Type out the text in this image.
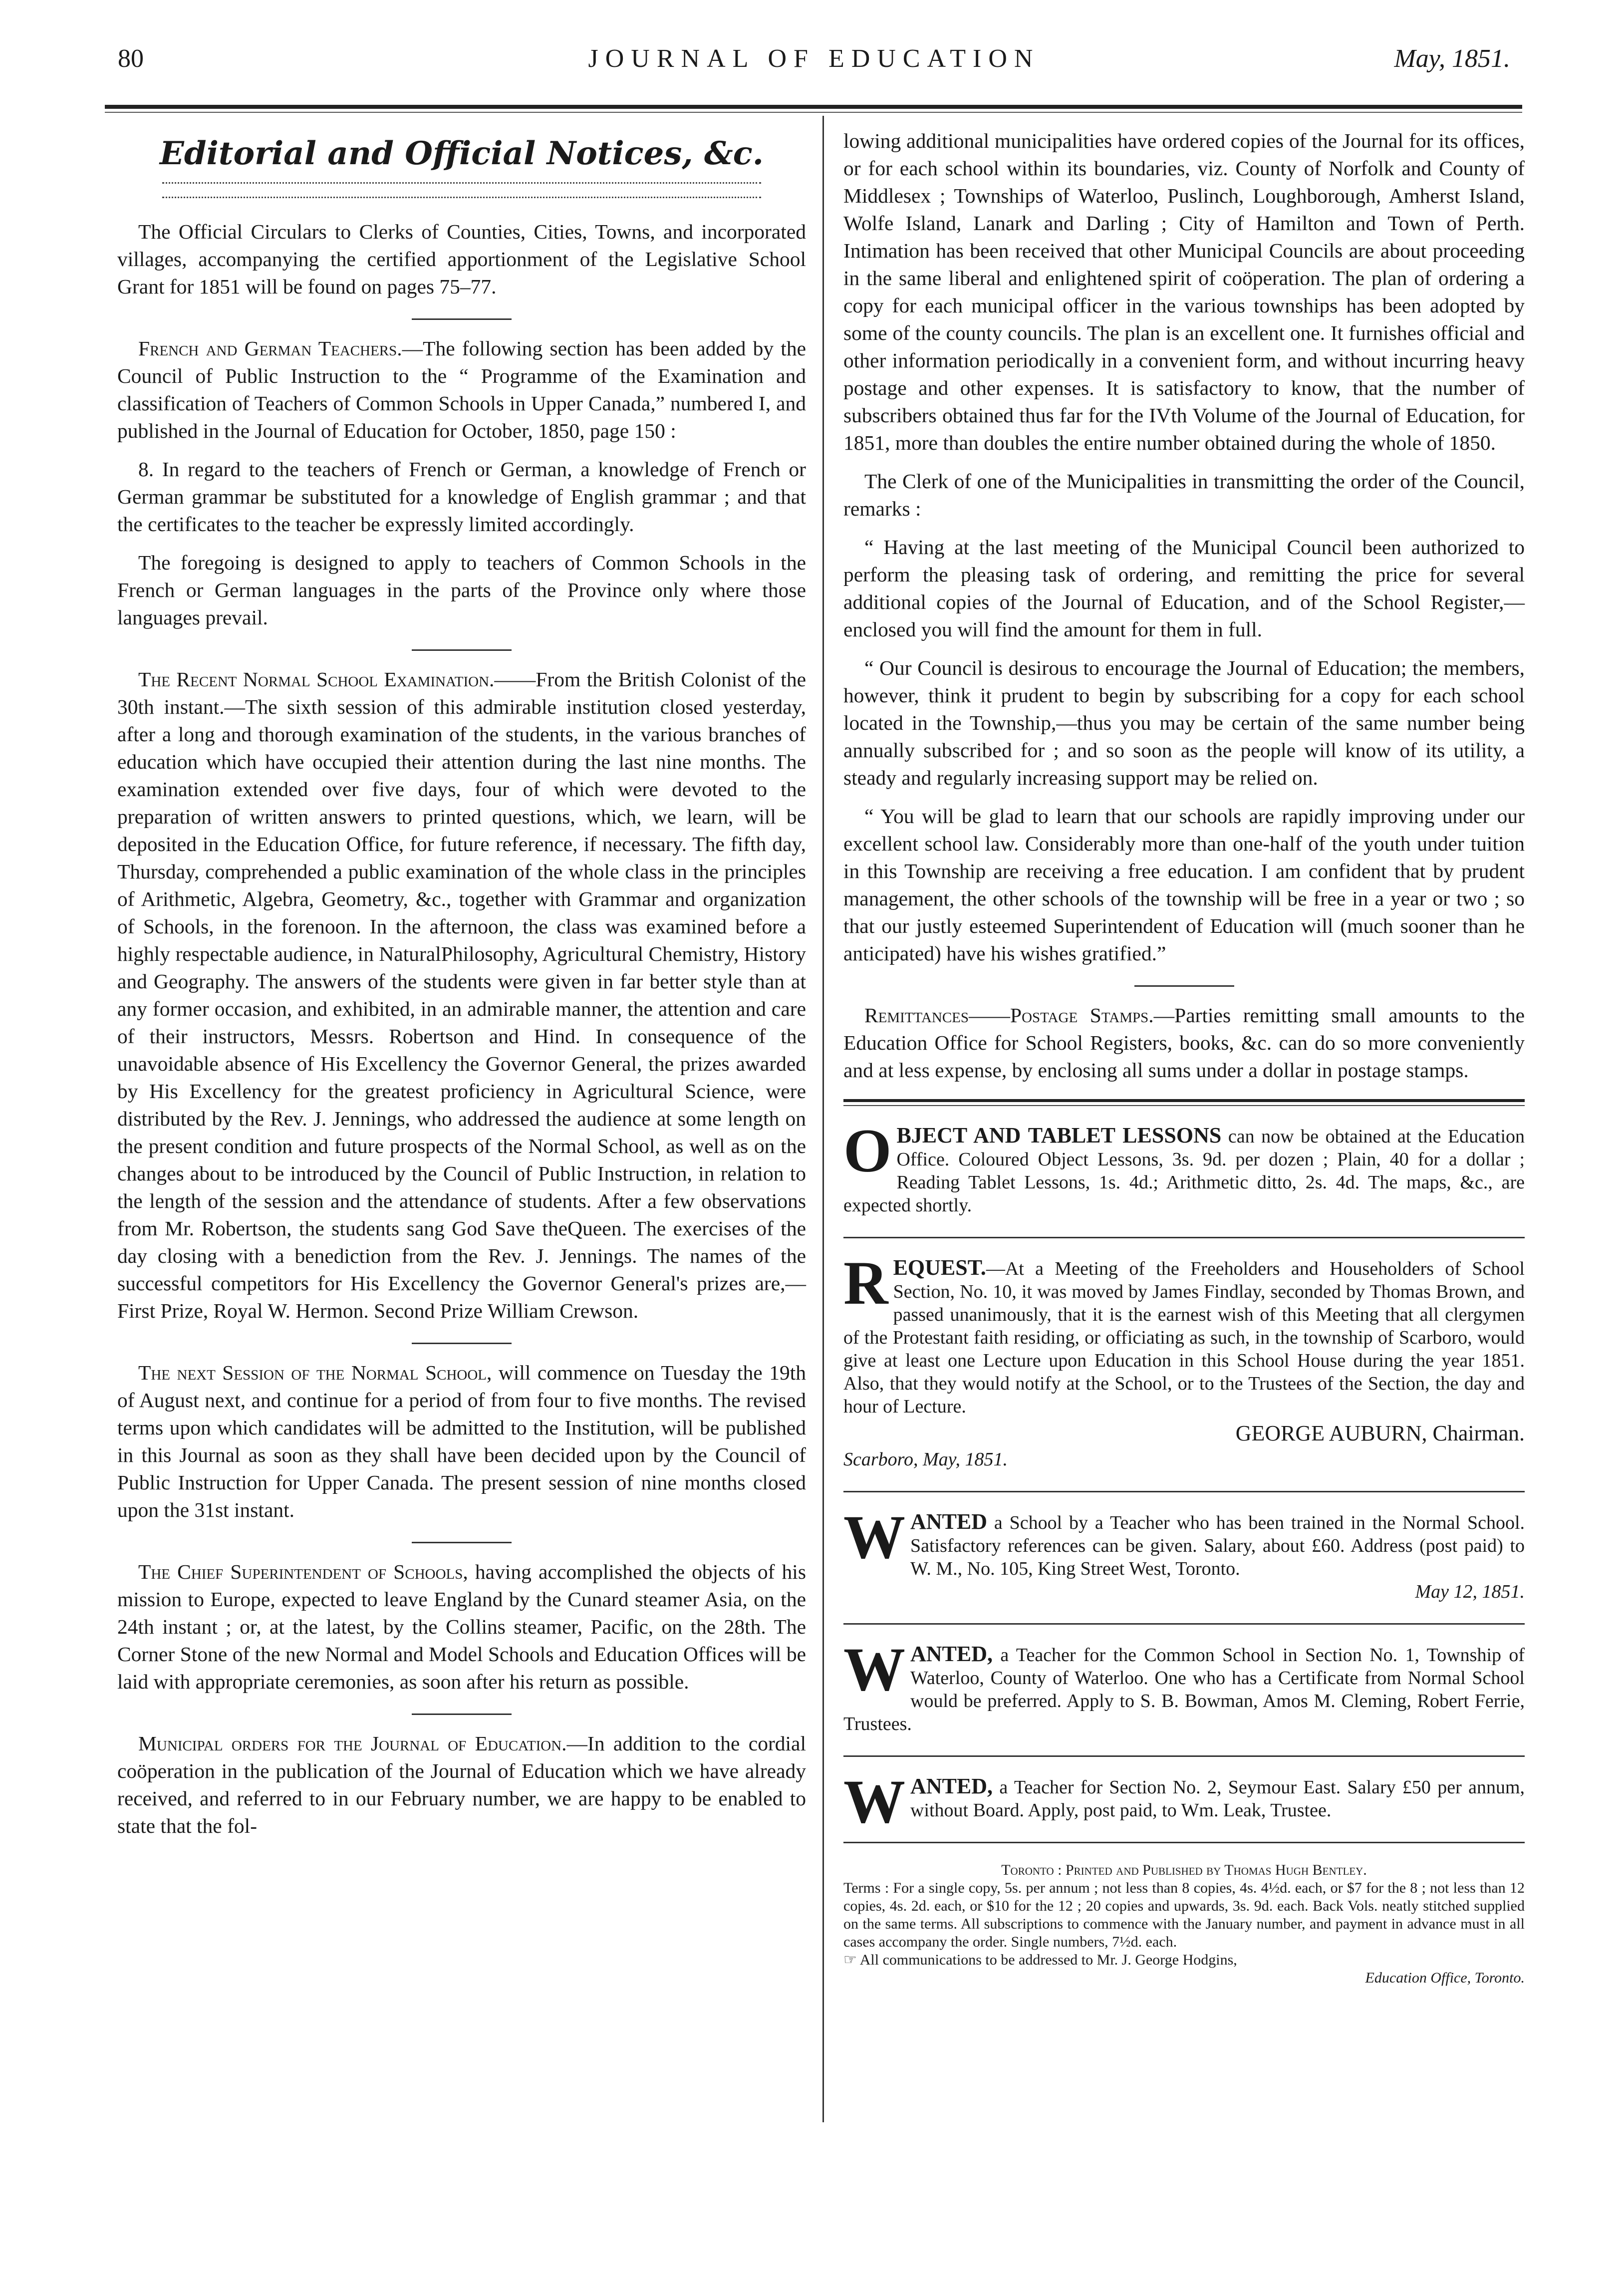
80	JOURNAL OF EDUCATION	May, 1851.
Editorial and Official Notices, &c.

The Official Circulars to Clerks of Counties, Cities, Towns, and incorporated villages, accompanying the certified apportionment of the Legislative School Grant for 1851 will be found on pages 75–77.

French and German Teachers.—The following section has been added by the Council of Public Instruction to the “ Programme of the Examination and classification of Teachers of Common Schools in Upper Canada,” numbered I, and published in the Journal of Education for October, 1850, page 150 :

8. In regard to the teachers of French or German, a knowledge of French or German grammar be substituted for a knowledge of English grammar ; and that the certificates to the teacher be expressly limited accordingly.

The foregoing is designed to apply to teachers of Common Schools in the French or German languages in the parts of the Province only where those languages prevail.

The Recent Normal School Examination.——From the British Colonist of the 30th instant.—The sixth session of this admirable institution closed yesterday, after a long and thorough examination of the students, in the various branches of education which have occupied their attention during the last nine months. The examination extended over five days, four of which were devoted to the preparation of written answers to printed questions, which, we learn, will be deposited in the Education Office, for future reference, if necessary. The fifth day, Thursday, comprehended a public examination of the whole class in the principles of Arithmetic, Algebra, Geometry, &c., together with Grammar and organization of Schools, in the forenoon. In the afternoon, the class was examined before a highly respectable audience, in NaturalPhilosophy, Agricultural Chemistry, History and Geography. The answers of the students were given in far better style than at any former occasion, and exhibited, in an admirable manner, the attention and care of their instructors, Messrs. Robertson and Hind. In consequence of the unavoidable absence of His Excellency the Governor General, the prizes awarded by His Excellency for the greatest proficiency in Agricultural Science, were distributed by the Rev. J. Jennings, who addressed the audience at some length on the present condition and future prospects of the Normal School, as well as on the changes about to be introduced by the Council of Public Instruction, in relation to the length of the session and the attendance of students. After a few observations from Mr. Robertson, the students sang God Save theQueen. The exercises of the day closing with a benediction from the Rev. J. Jennings. The names of the successful competitors for His Excellency the Governor General's prizes are,— First Prize, Royal W. Hermon. Second Prize William Crewson.

The next Session of the Normal School, will commence on Tuesday the 19th of August next, and continue for a period of from four to five months. The revised terms upon which candidates will be admitted to the Institution, will be published in this Journal as soon as they shall have been decided upon by the Council of Public Instruction for Upper Canada. The present session of nine months closed upon the 31st instant.

The Chief Superintendent of Schools, having accomplished the objects of his mission to Europe, expected to leave England by the Cunard steamer Asia, on the 24th instant ; or, at the latest, by the Collins steamer, Pacific, on the 28th. The Corner Stone of the new Normal and Model Schools and Education Offices will be laid with appropriate ceremonies, as soon after his return as possible.

Municipal orders for the Journal of Education.—In addition to the cordial coöperation in the publication of the Journal of Education which we have already received, and referred to in our February number, we are happy to be enabled to state that the fol-

lowing additional municipalities have ordered copies of the Journal for its offices, or for each school within its boundaries, viz. County of Norfolk and County of Middlesex ; Townships of Waterloo, Puslinch, Loughborough, Amherst Island, Wolfe Island, Lanark and Darling ; City of Hamilton and Town of Perth. Intimation has been received that other Municipal Councils are about proceeding in the same liberal and enlightened spirit of coöperation. The plan of ordering a copy for each municipal officer in the various townships has been adopted by some of the county councils. The plan is an excellent one. It furnishes official and other information periodically in a convenient form, and without incurring heavy postage and other expenses. It is satisfactory to know, that the number of subscribers obtained thus far for the IVth Volume of the Journal of Education, for 1851, more than doubles the entire number obtained during the whole of 1850.

The Clerk of one of the Municipalities in transmitting the order of the Council, remarks :

“ Having at the last meeting of the Municipal Council been authorized to perform the pleasing task of ordering, and remitting the price for several additional copies of the Journal of Education, and of the School Register,—enclosed you will find the amount for them in full.

“ Our Council is desirous to encourage the Journal of Education; the members, however, think it prudent to begin by subscribing for a copy for each school located in the Township,—thus you may be certain of the same number being annually subscribed for ; and so soon as the people will know of its utility, a steady and regularly increasing support may be relied on.

“ You will be glad to learn that our schools are rapidly improving under our excellent school law. Considerably more than one-half of the youth under tuition in this Township are receiving a free education. I am confident that by prudent management, the other schools of the township will be free in a year or two ; so that our justly esteemed Superintendent of Education will (much sooner than he anticipated) have his wishes gratified.”

Remittances——Postage Stamps.—Parties remitting small amounts to the Education Office for School Registers, books, &c. can do so more conveniently and at less expense, by enclosing all sums under a dollar in postage stamps.

OBJECT AND TABLET LESSONS can now be obtained at the Education Office. Coloured Object Lessons, 3s. 9d. per dozen ; Plain, 40 for a dollar ; Reading Tablet Lessons, 1s. 4d.; Arithmetic ditto, 2s. 4d. The maps, &c., are expected shortly.
REQUEST.—At a Meeting of the Freeholders and Householders of School Section, No. 10, it was moved by James Findlay, seconded by Thomas Brown, and passed unanimously, that it is the earnest wish of this Meeting that all clergymen of the Protestant faith residing, or officiating as such, in the township of Scarboro, would give at least one Lecture upon Education in this School House during the year 1851. Also, that they would notify at the School, or to the Trustees of the Section, the day and hour of Lecture.
GEORGE AUBURN, Chairman.
Scarboro, May, 1851.
WANTED a School by a Teacher who has been trained in the Normal School. Satisfactory references can be given. Salary, about £60. Address (post paid) to W. M., No. 105, King Street West, Toronto.
May 12, 1851.
WANTED, a Teacher for the Common School in Section No. 1, Township of Waterloo, County of Waterloo. One who has a Certificate from Normal School would be preferred. Apply to S. B. Bowman, Amos M. Cleming, Robert Ferrie, Trustees.
WANTED, a Teacher for Section No. 2, Seymour East. Salary £50 per annum, without Board. Apply, post paid, to Wm. Leak, Trustee.
Toronto : Printed and Published by Thomas Hugh Bentley.
Terms : For a single copy, 5s. per annum ; not less than 8 copies, 4s. 4½d. each, or $7 for the 8 ; not less than 12 copies, 4s. 2d. each, or $10 for the 12 ; 20 copies and upwards, 3s. 9d. each. Back Vols. neatly stitched supplied on the same terms. All subscriptions to commence with the January number, and payment in advance must in all cases accompany the order. Single numbers, 7½d. each.
☞ All communications to be addressed to Mr. J. George Hodgins,
Education Office, Toronto.
